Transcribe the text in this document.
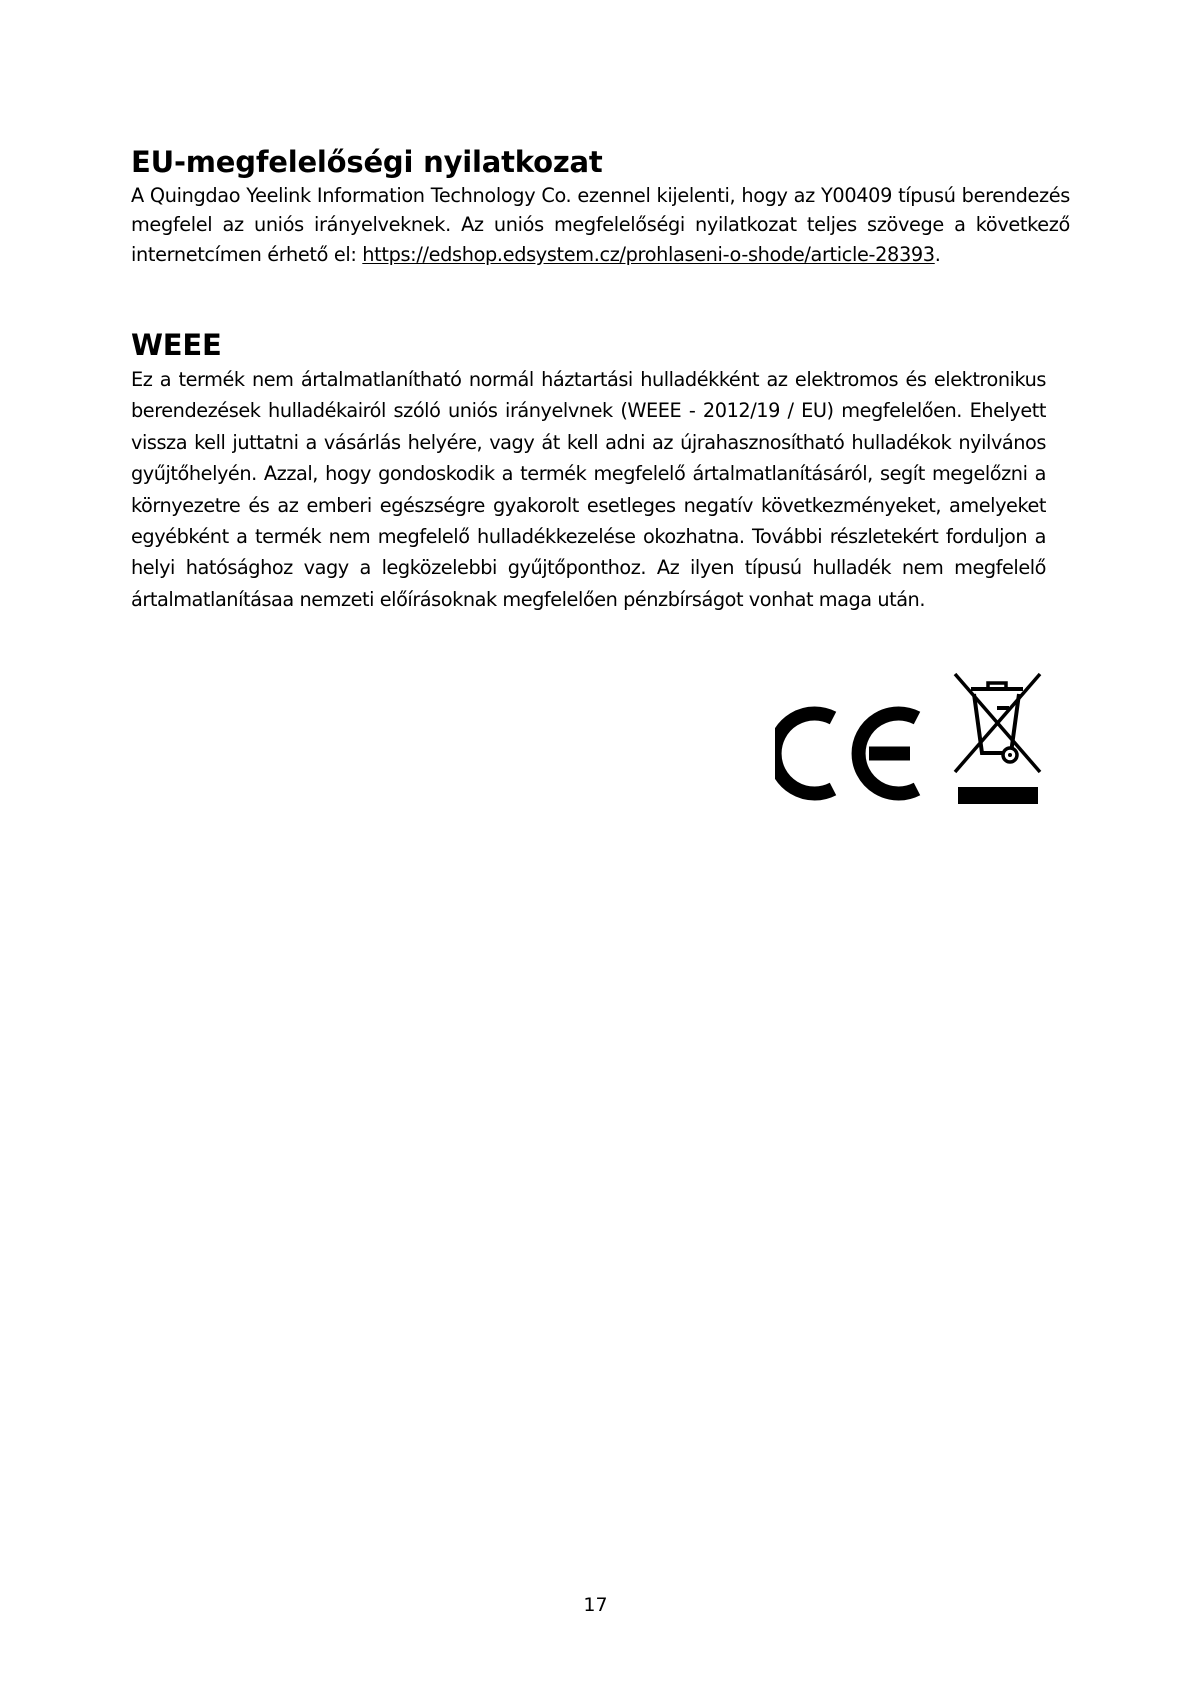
EU-megfelelőségi nyilatkozat

A Quingdao Yeelink Information Technology Co. ezennel kijelenti, hogy az Y00409 típusú berendezés megfelel az uniós irányelveknek. Az uniós megfelelőségi nyilatkozat teljes szövege a következő internetcímen érhető el: https://edshop.edsystem.cz/prohlaseni-o-shode/article-28393.

WEEE

Ez a termék nem ártalmatlanítható normál háztartási hulladékként az elektromos és elektronikus berendezések hulladékairól szóló uniós irányelvnek (WEEE - 2012/19 / EU) megfelelően. Ehelyett vissza kell juttatni a vásárlás helyére, vagy át kell adni az újrahasznosítható hulladékok nyilvános gyűjtőhelyén. Azzal, hogy gondoskodik a termék megfelelő ártalmatlanításáról, segít megelőzni a környezetre és az emberi egészségre gyakorolt esetleges negatív következményeket, amelyeket egyébként a termék nem megfelelő hulladékkezelése okozhatna. További részletekért forduljon a helyi hatósághoz vagy a legközelebbi gyűjtőponthoz. Az ilyen típusú hulladék nem megfelelő ártalmatlanításaa nemzeti előírásoknak megfelelően pénzbírságot vonhat maga után.

17
